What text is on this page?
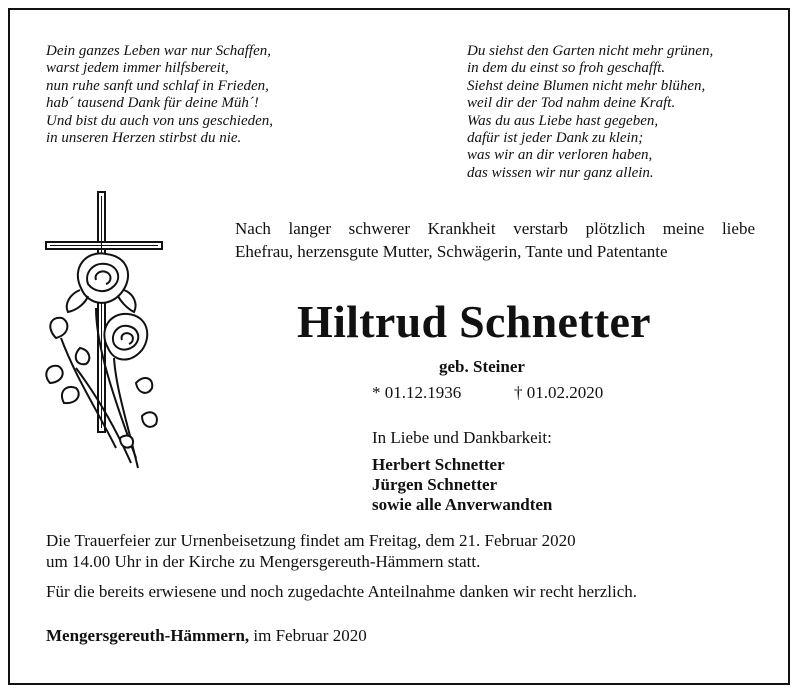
Dein ganzes Leben war nur Schaffen,
warst jedem immer hilfsbereit,
nun ruhe sanft und schlaf in Frieden,
hab´ tausend Dank für deine Müh´!
Und bist du auch von uns geschieden,
in unseren Herzen stirbst du nie.
Du siehst den Garten nicht mehr grünen,
in dem du einst so froh geschafft.
Siehst deine Blumen nicht mehr blühen,
weil dir der Tod nahm deine Kraft.
Was du aus Liebe hast gegeben,
dafür ist jeder Dank zu klein;
was wir an dir verloren haben,
das wissen wir nur ganz allein.
Nach langer schwerer Krankheit verstarb plötzlich meine liebe
Ehefrau, herzensgute Mutter, Schwägerin, Tante und Patentante
Hiltrud Schnetter
geb. Steiner
* 01.12.1936	† 01.02.2020
In Liebe und Dankbarkeit:
Herbert Schnetter
Jürgen Schnetter
sowie alle Anverwandten
Die Trauerfeier zur Urnenbeisetzung findet am Freitag, dem 21. Februar 2020
um 14.00 Uhr in der Kirche zu Mengersgereuth-Hämmern statt.
Für die bereits erwiesene und noch zugedachte Anteilnahme danken wir recht herzlich.
Mengersgereuth-Hämmern, im Februar 2020
